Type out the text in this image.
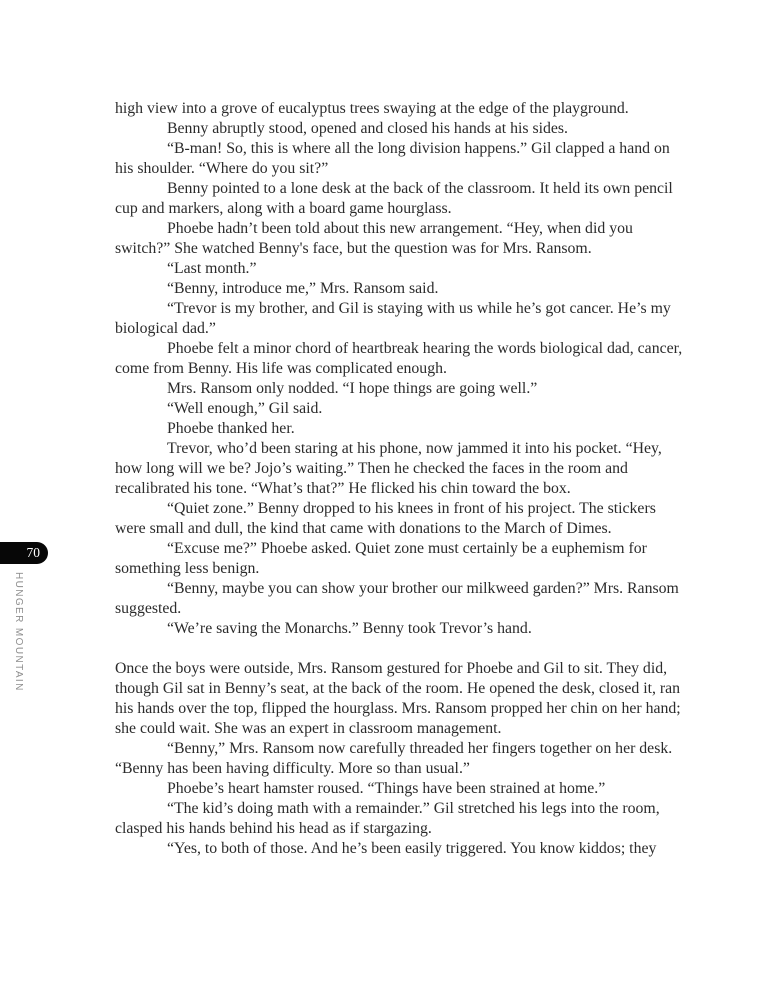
70
HUNGER MOUNTAIN

high view into a grove of eucalyptus trees swaying at the edge of the playground.

Benny abruptly stood, opened and closed his hands at his sides.

“B-man! So, this is where all the long division happens.” Gil clapped a hand on his shoulder. “Where do you sit?”

Benny pointed to a lone desk at the back of the classroom. It held its own pencil cup and markers, along with a board game hourglass.

Phoebe hadn’t been told about this new arrangement. “Hey, when did you switch?” She watched Benny's face, but the question was for Mrs. Ransom.

“Last month.”

“Benny, introduce me,” Mrs. Ransom said.

“Trevor is my brother, and Gil is staying with us while he’s got cancer. He’s my biological dad.”

Phoebe felt a minor chord of heartbreak hearing the words biological dad, cancer, come from Benny. His life was complicated enough.

Mrs. Ransom only nodded. “I hope things are going well.”

“Well enough,” Gil said.

Phoebe thanked her.

Trevor, who’d been staring at his phone, now jammed it into his pocket. “Hey, how long will we be? Jojo’s waiting.” Then he checked the faces in the room and recalibrated his tone. “What’s that?” He flicked his chin toward the box.

“Quiet zone.” Benny dropped to his knees in front of his project. The stickers were small and dull, the kind that came with donations to the March of Dimes.

“Excuse me?” Phoebe asked. Quiet zone must certainly be a euphemism for something less benign.

“Benny, maybe you can show your brother our milkweed garden?” Mrs. Ransom suggested.

“We’re saving the Monarchs.” Benny took Trevor’s hand.

Once the boys were outside, Mrs. Ransom gestured for Phoebe and Gil to sit. They did, though Gil sat in Benny’s seat, at the back of the room. He opened the desk, closed it, ran his hands over the top, flipped the hourglass. Mrs. Ransom propped her chin on her hand; she could wait. She was an expert in classroom management.

“Benny,” Mrs. Ransom now carefully threaded her fingers together on her desk. “Benny has been having difficulty. More so than usual.”

Phoebe’s heart hamster roused. “Things have been strained at home.”

“The kid’s doing math with a remainder.” Gil stretched his legs into the room, clasped his hands behind his head as if stargazing.

“Yes, to both of those. And he’s been easily triggered. You know kiddos; they
